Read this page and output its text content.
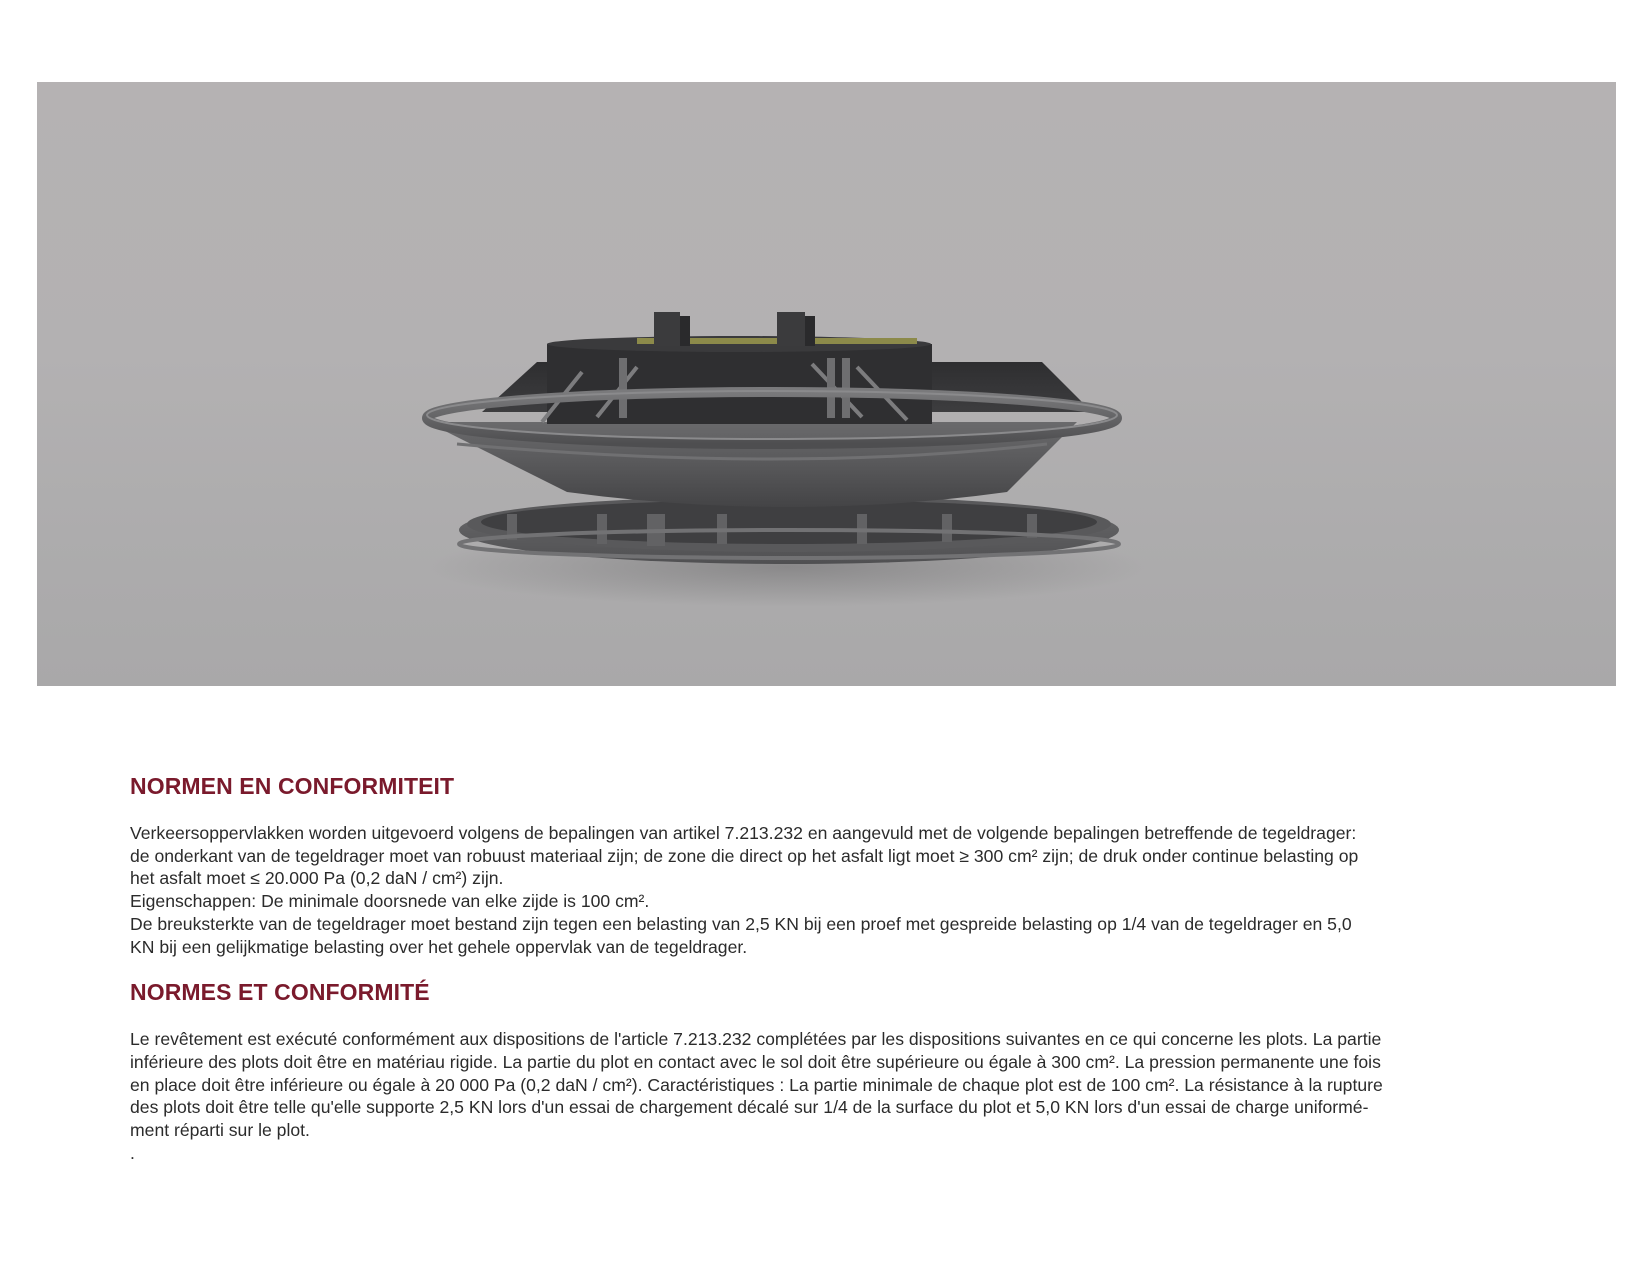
NORMEN EN CONFORMITEIT
Verkeersoppervlakken worden uitgevoerd volgens de bepalingen van artikel 7.213.232 en aangevuld met de volgende bepalingen betreffende de tegeldrager:
de onderkant van de tegeldrager moet van robuust materiaal zijn; de zone die direct op het asfalt ligt moet ≥ 300 cm² zijn; de druk onder continue belasting op
het asfalt moet ≤ 20.000 Pa (0,2 daN / cm²) zijn.
Eigenschappen: De minimale doorsnede van elke zijde is 100 cm².
De breuksterkte van de tegeldrager moet bestand zijn tegen een belasting van 2,5 KN bij een proef met gespreide belasting op 1/4 van de tegeldrager en 5,0
KN bij een gelijkmatige belasting over het gehele oppervlak van de tegeldrager.
NORMES ET CONFORMITÉ
Le revêtement est exécuté conformément aux dispositions de l'article 7.213.232 complétées par les dispositions suivantes en ce qui concerne les plots. La partie
inférieure des plots doit être en matériau rigide. La partie du plot en contact avec le sol doit être supérieure ou égale à 300 cm². La pression permanente une fois
en place doit être inférieure ou égale à 20 000 Pa (0,2 daN / cm²). Caractéristiques : La partie minimale de chaque plot est de 100 cm². La résistance à la rupture
des plots doit être telle qu'elle supporte 2,5 KN lors d'un essai de chargement décalé sur 1/4 de la surface du plot et 5,0 KN lors d'un essai de charge uniformé-
ment réparti sur le plot.
.
